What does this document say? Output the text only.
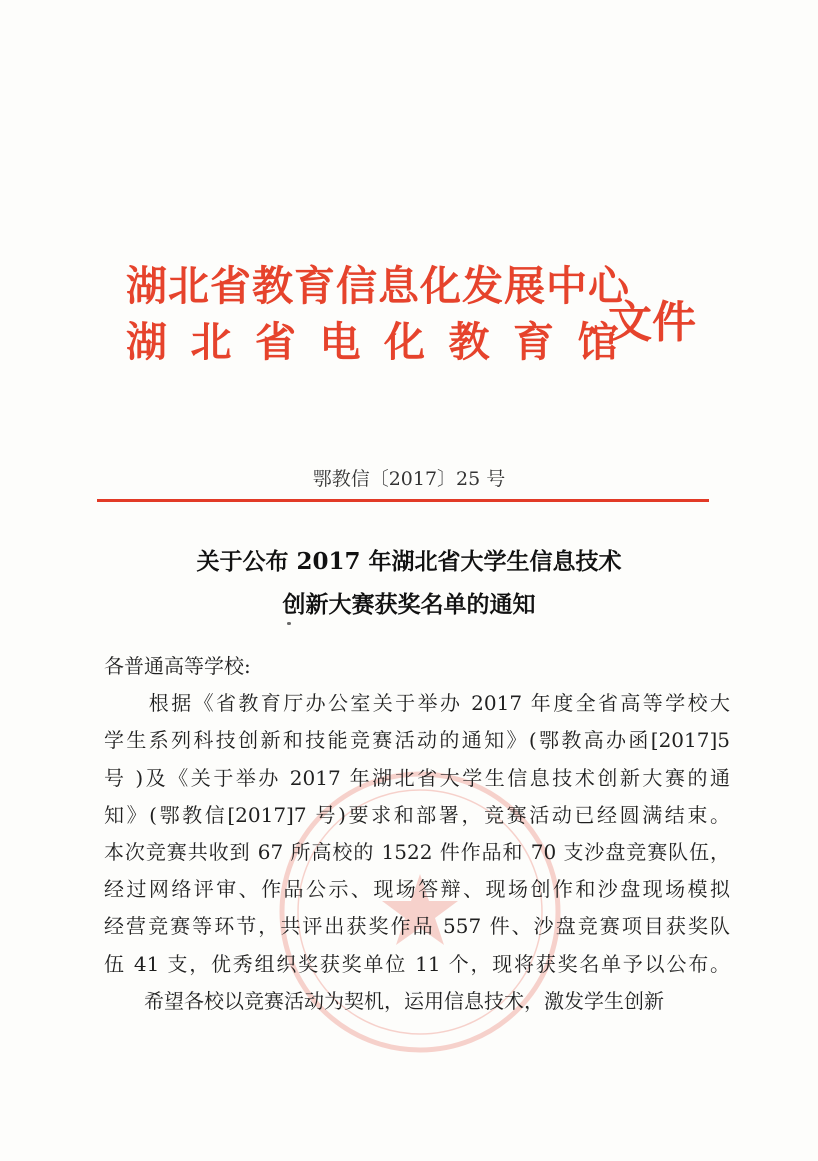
湖北省教育信息化发展中心
湖北省电化教育馆
文件
鄂教信〔2017〕25 号
关于公布 2017 年湖北省大学生信息技术
创新大赛获奖名单的通知
各普通高等学校:
　　根据《省教育厅办公室关于举办 2017 年度全省高等学校大
学生系列科技创新和技能竞赛活动的通知》(鄂教高办函[2017]5
号 )及《关于举办 2017 年湖北省大学生信息技术创新大赛的通
知》(鄂教信[2017]7 号)要求和部署，竞赛活动已经圆满结束。
本次竞赛共收到 67 所高校的 1522 件作品和 70 支沙盘竞赛队伍，
经过网络评审、作品公示、现场答辩、现场创作和沙盘现场模拟
经营竞赛等环节，共评出获奖作品 557 件、沙盘竞赛项目获奖队
伍 41 支，优秀组织奖获奖单位 11 个，现将获奖名单予以公布。
　　希望各校以竞赛活动为契机，运用信息技术，激发学生创新
